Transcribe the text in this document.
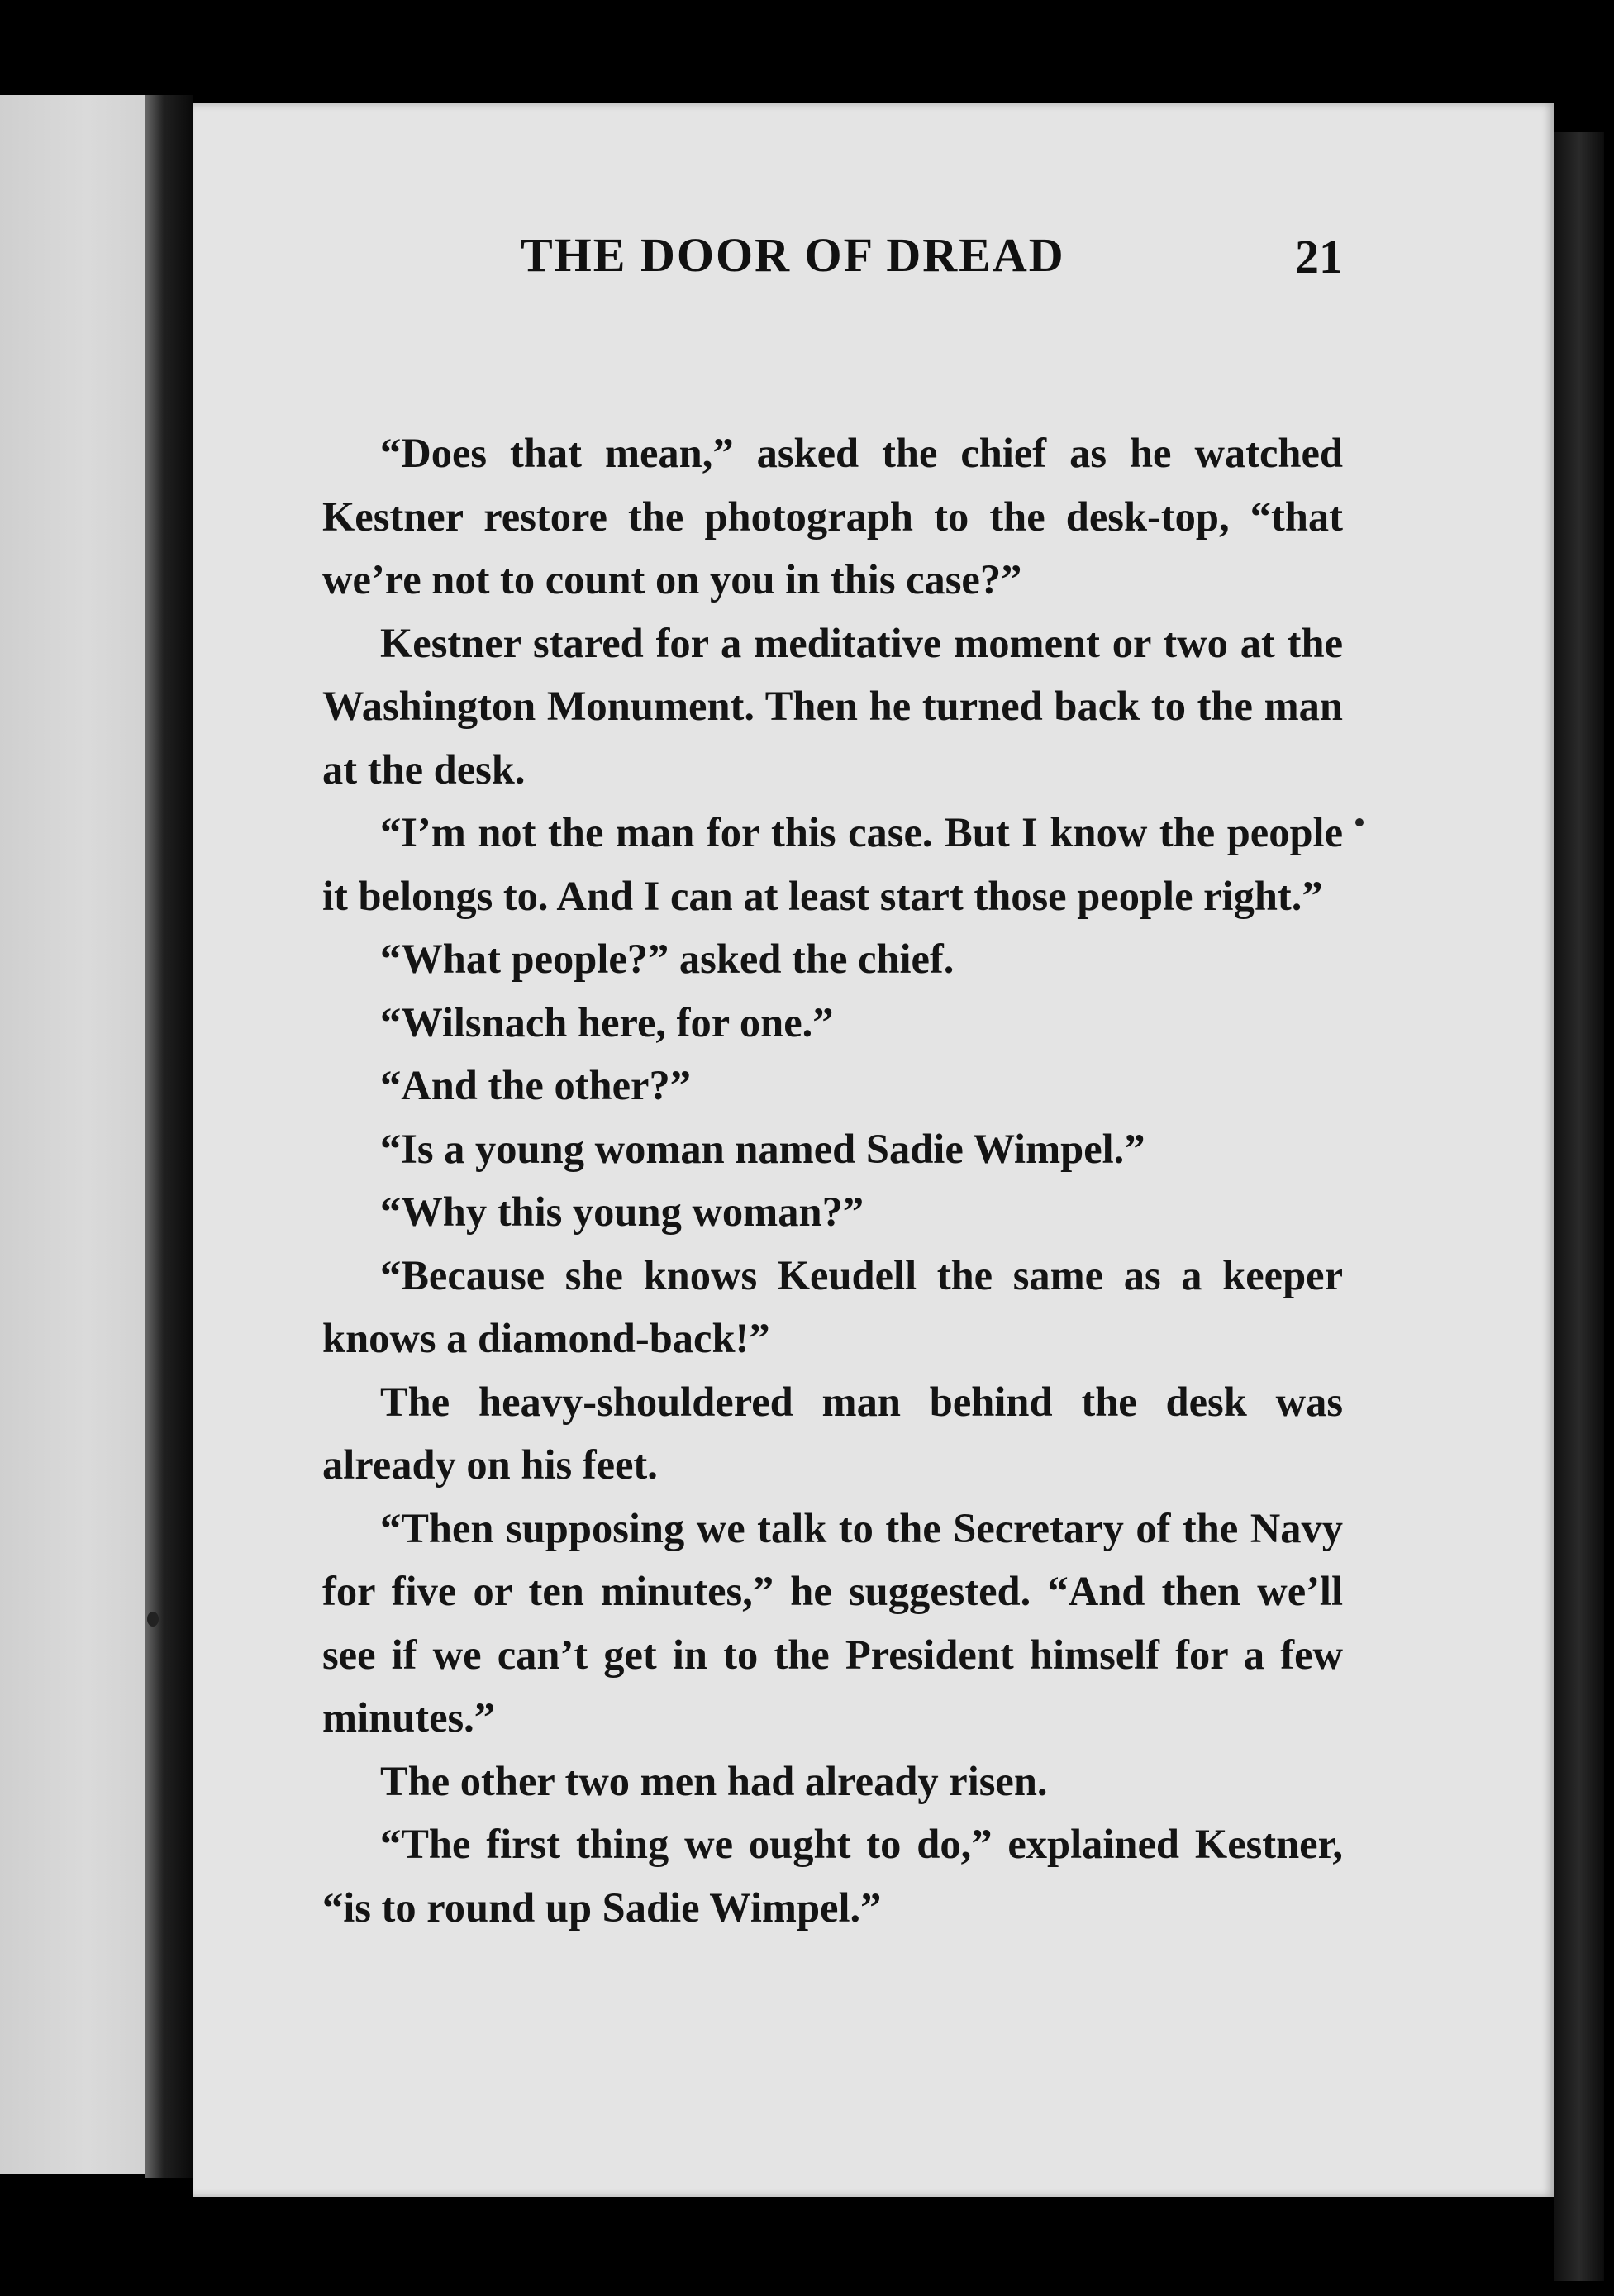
THE DOOR OF DREAD	21

“Does that mean,” asked the chief as he watched Kestner restore the photograph to the desk-top, “that we’re not to count on you in this case?”

Kestner stared for a meditative moment or two at the Washington Monument. Then he turned back to the man at the desk.

“I’m not the man for this case. But I know the people it belongs to. And I can at least start those people right.”

“What people?” asked the chief.

“Wilsnach here, for one.”

“And the other?”

“Is a young woman named Sadie Wimpel.”

“Why this young woman?”

“Because she knows Keudell the same as a keeper knows a diamond-back!”

The heavy-shouldered man behind the desk was already on his feet.

“Then supposing we talk to the Secretary of the Navy for five or ten minutes,” he suggested. “And then we’ll see if we can’t get in to the President himself for a few minutes.”

The other two men had already risen.

“The first thing we ought to do,” explained Kestner, “is to round up Sadie Wimpel.”
